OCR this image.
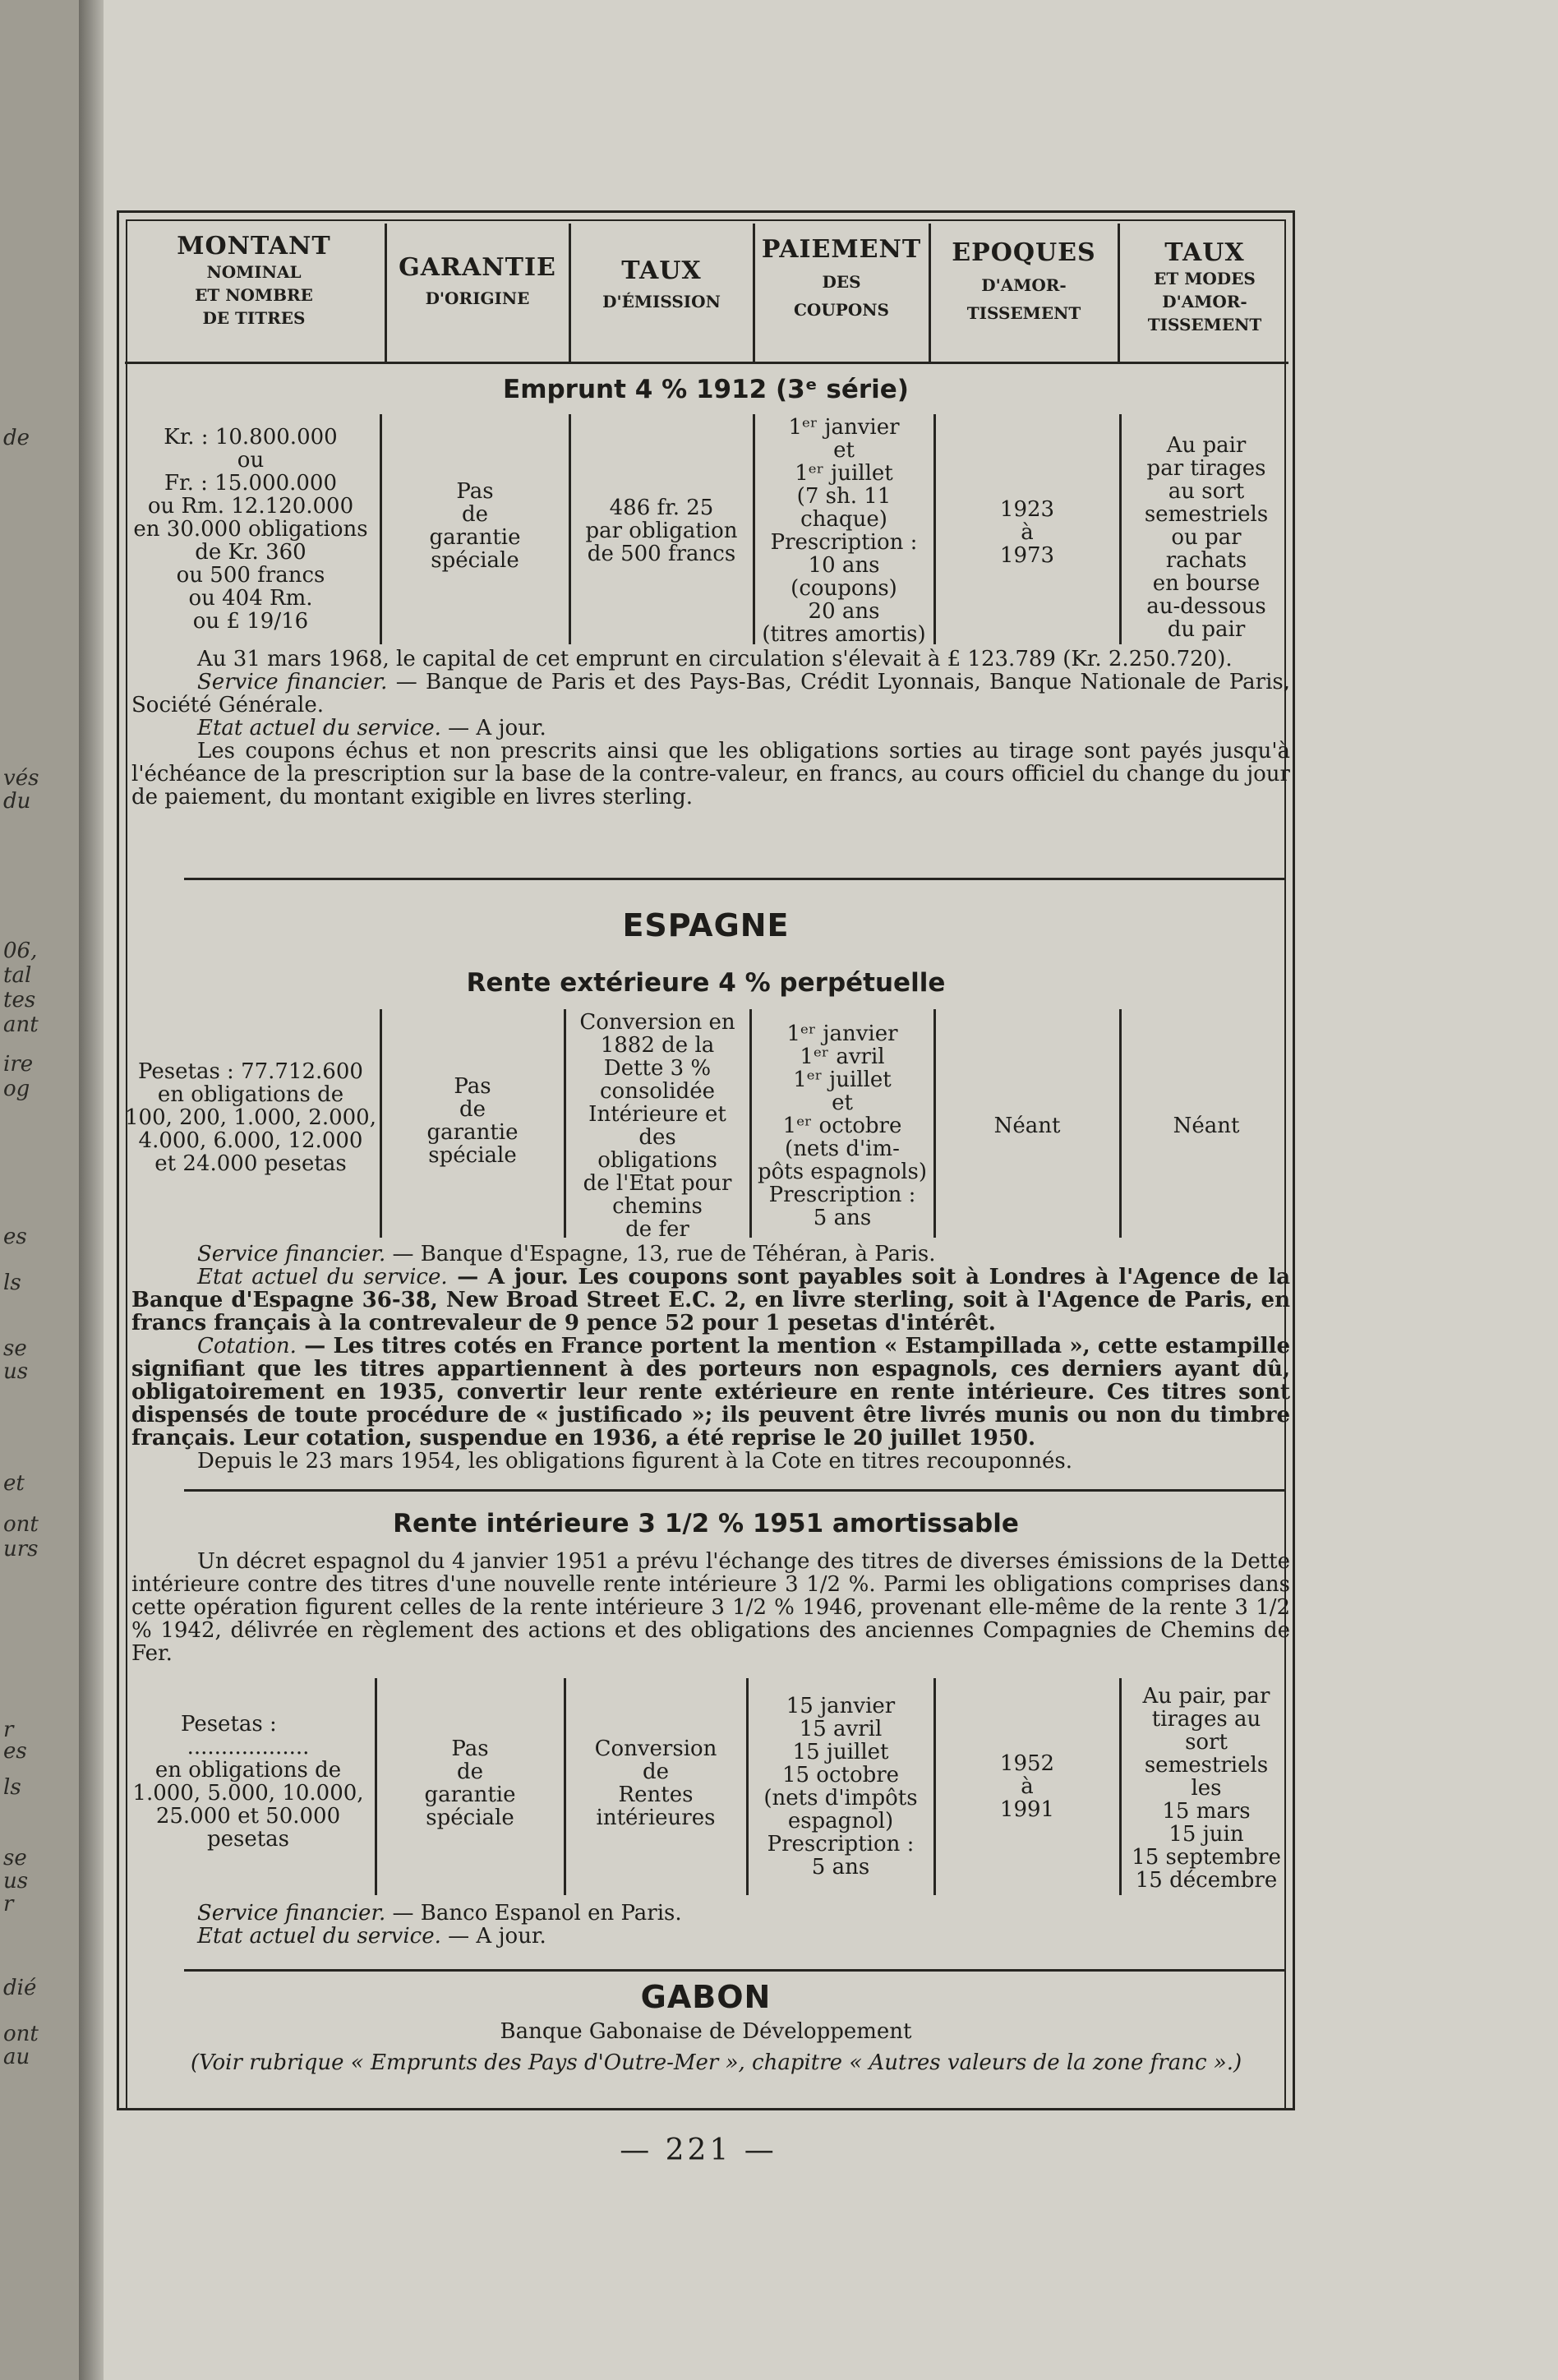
de
vés
du
06,
tal
tes
ant
ire
og
es
ls
se
us
et
ont
urs
r
es
ls
se
us
r
dié
ont
au
MONTANT
NOMINAL
ET NOMBRE
DE TITRES
GARANTIE
D'ORIGINE
TAUX
D'ÉMISSION
PAIEMENT
DES
COUPONS
EPOQUES
D'AMOR-
TISSEMENT
TAUX
ET MODES
D'AMOR-
TISSEMENT
Emprunt 4 % 1912 (3ᵉ série)
Kr. : 10.800.000
ou
Fr. : 15.000.000
ou Rm. 12.120.000
en 30.000 obligations
de Kr. 360
ou 500 francs
ou 404 Rm.
ou £ 19/16
Pas
de
garantie
spéciale
486 fr. 25
par obligation
de 500 francs
1ᵉʳ janvier
et
1ᵉʳ juillet
(7 sh. 11
chaque)
Prescription :
10 ans
(coupons)
20 ans
(titres amortis)
1923
à
1973
Au pair
par tirages
au sort
semestriels
ou par
rachats
en bourse
au-dessous
du pair

Au 31 mars 1968, le capital de cet emprunt en circulation s'élevait à £ 123.789 (Kr. 2.250.720).

Service financier. — Banque de Paris et des Pays-Bas, Crédit Lyonnais, Banque Nationale de Paris, Société Générale.

Etat actuel du service. — A jour.

Les coupons échus et non prescrits ainsi que les obligations sorties au tirage sont payés jusqu'à l'échéance de la prescription sur la base de la contre-valeur, en francs, au cours officiel du change du jour de paiement, du montant exigible en livres sterling.

ESPAGNE
Rente extérieure 4 % perpétuelle
Pesetas : 77.712.600
en obligations de
100, 200, 1.000, 2.000,
4.000, 6.000, 12.000
et 24.000 pesetas
Pas
de
garantie
spéciale
Conversion en
1882 de la
Dette 3 %
consolidée
Intérieure et
des
obligations
de l'Etat pour
chemins
de fer
1ᵉʳ janvier
1ᵉʳ avril
1ᵉʳ juillet
et
1ᵉʳ octobre
(nets d'im-
pôts espagnols)
Prescription :
5 ans
Néant	Néant

Service financier. — Banque d'Espagne, 13, rue de Téhéran, à Paris.

Etat actuel du service. — A jour. Les coupons sont payables soit à Londres à l'Agence de la Banque d'Espagne 36-38, New Broad Street E.C. 2, en livre sterling, soit à l'Agence de Paris, en francs français à la contrevaleur de 9 pence 52 pour 1 pesetas d'intérêt.

Cotation. — Les titres cotés en France portent la mention « Estampillada », cette estampille signifiant que les titres appartiennent à des porteurs non espagnols, ces derniers ayant dû, obligatoirement en 1935, convertir leur rente extérieure en rente intérieure. Ces titres sont dispensés de toute procédure de « justificado »; ils peuvent être livrés munis ou non du timbre français. Leur cotation, suspendue en 1936, a été reprise le 20 juillet 1950.

Depuis le 23 mars 1954, les obligations figurent à la Cote en titres recouponnés.

Rente intérieure 3 1/2 % 1951 amortissable

Un décret espagnol du 4 janvier 1951 a prévu l'échange des titres de diverses émissions de la Dette intérieure contre des titres d'une nouvelle rente intérieure 3 1/2 %. Parmi les obligations comprises dans cette opération figurent celles de la rente intérieure 3 1/2 % 1946, provenant elle-même de la rente 3 1/2 % 1942, délivrée en règlement des actions et des obligations des anciennes Compagnies de Chemins de Fer.

Pesetas :
..................
en obligations de
1.000, 5.000, 10.000,
25.000 et 50.000
pesetas
Pas
de
garantie
spéciale
Conversion
de
Rentes
intérieures
15 janvier
15 avril
15 juillet
15 octobre
(nets d'impôts
espagnol)
Prescription :
5 ans
1952
à
1991
Au pair, par
tirages au
sort
semestriels
les
15 mars
15 juin
15 septembre
15 décembre

Service financier. — Banco Espanol en Paris.

Etat actuel du service. — A jour.

GABON
Banque Gabonaise de Développement
(Voir rubrique « Emprunts des Pays d'Outre-Mer », chapitre « Autres valeurs de la zone franc ».)
— 221 —
